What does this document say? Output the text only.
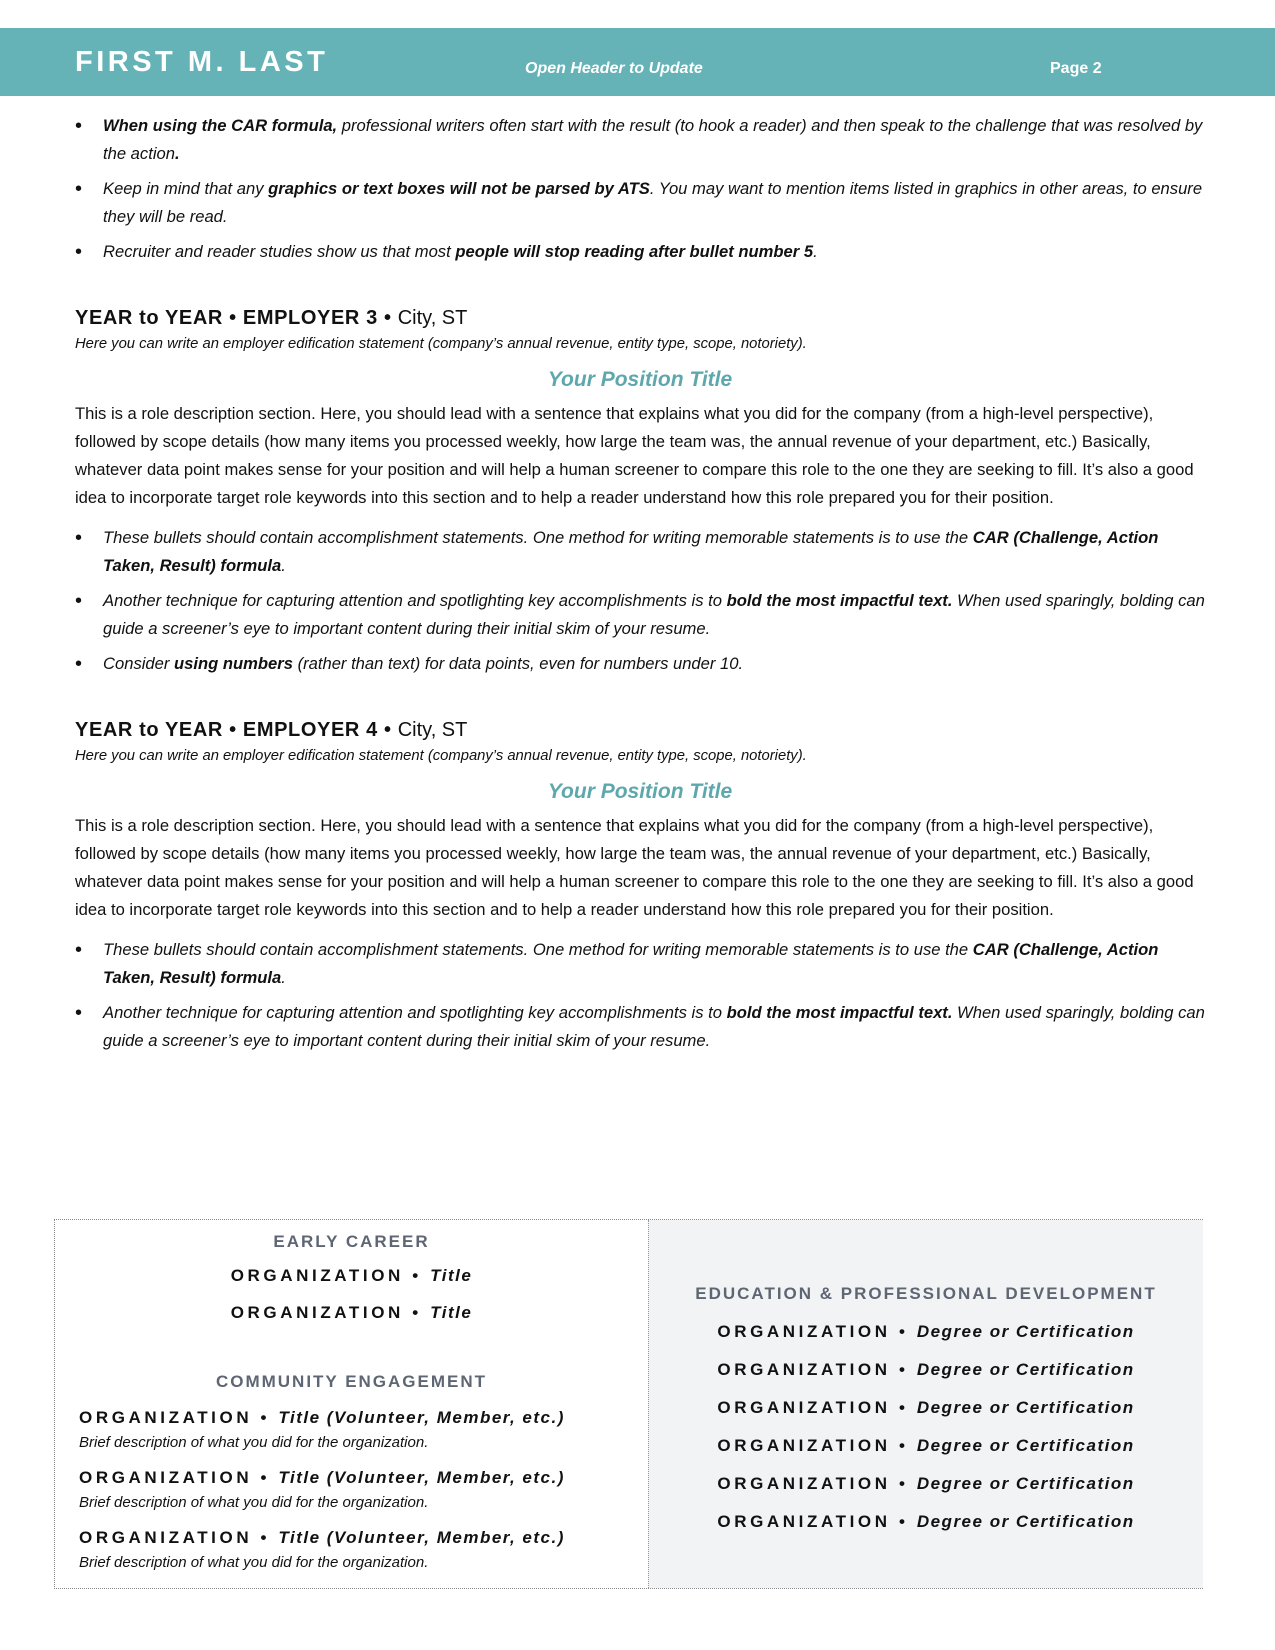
FIRST M. LAST	Open Header to Update	Page 2
• When using the CAR formula, professional writers often start with the result (to hook a reader) and then speak to the challenge that was resolved by the action.
• Keep in mind that any graphics or text boxes will not be parsed by ATS. You may want to mention items listed in graphics in other areas, to ensure they will be read.
• Recruiter and reader studies show us that most people will stop reading after bullet number 5.
YEAR to YEAR • EMPLOYER 3 • City, ST
Here you can write an employer edification statement (company’s annual revenue, entity type, scope, notoriety).
Your Position Title
This is a role description section. Here, you should lead with a sentence that explains what you did for the company (from a high-level perspective), followed by scope details (how many items you processed weekly, how large the team was, the annual revenue of your department, etc.) Basically, whatever data point makes sense for your position and will help a human screener to compare this role to the one they are seeking to fill. It’s also a good idea to incorporate target role keywords into this section and to help a reader understand how this role prepared you for their position.
• These bullets should contain accomplishment statements. One method for writing memorable statements is to use the CAR (Challenge, Action Taken, Result) formula.
• Another technique for capturing attention and spotlighting key accomplishments is to bold the most impactful text. When used sparingly, bolding can guide a screener’s eye to important content during their initial skim of your resume.
• Consider using numbers (rather than text) for data points, even for numbers under 10.
YEAR to YEAR • EMPLOYER 4 • City, ST
Here you can write an employer edification statement (company’s annual revenue, entity type, scope, notoriety).
Your Position Title
This is a role description section. Here, you should lead with a sentence that explains what you did for the company (from a high-level perspective), followed by scope details (how many items you processed weekly, how large the team was, the annual revenue of your department, etc.) Basically, whatever data point makes sense for your position and will help a human screener to compare this role to the one they are seeking to fill. It’s also a good idea to incorporate target role keywords into this section and to help a reader understand how this role prepared you for their position.
• These bullets should contain accomplishment statements. One method for writing memorable statements is to use the CAR (Challenge, Action Taken, Result) formula.
• Another technique for capturing attention and spotlighting key accomplishments is to bold the most impactful text. When used sparingly, bolding can guide a screener’s eye to important content during their initial skim of your resume.
EARLY CAREER
ORGANIZATION • Title
ORGANIZATION • Title
COMMUNITY ENGAGEMENT
ORGANIZATION • Title (Volunteer, Member, etc.)
Brief description of what you did for the organization.
ORGANIZATION • Title (Volunteer, Member, etc.)
Brief description of what you did for the organization.
ORGANIZATION • Title (Volunteer, Member, etc.)
Brief description of what you did for the organization.
EDUCATION & PROFESSIONAL DEVELOPMENT
ORGANIZATION • Degree or Certification
ORGANIZATION • Degree or Certification
ORGANIZATION • Degree or Certification
ORGANIZATION • Degree or Certification
ORGANIZATION • Degree or Certification
ORGANIZATION • Degree or Certification
